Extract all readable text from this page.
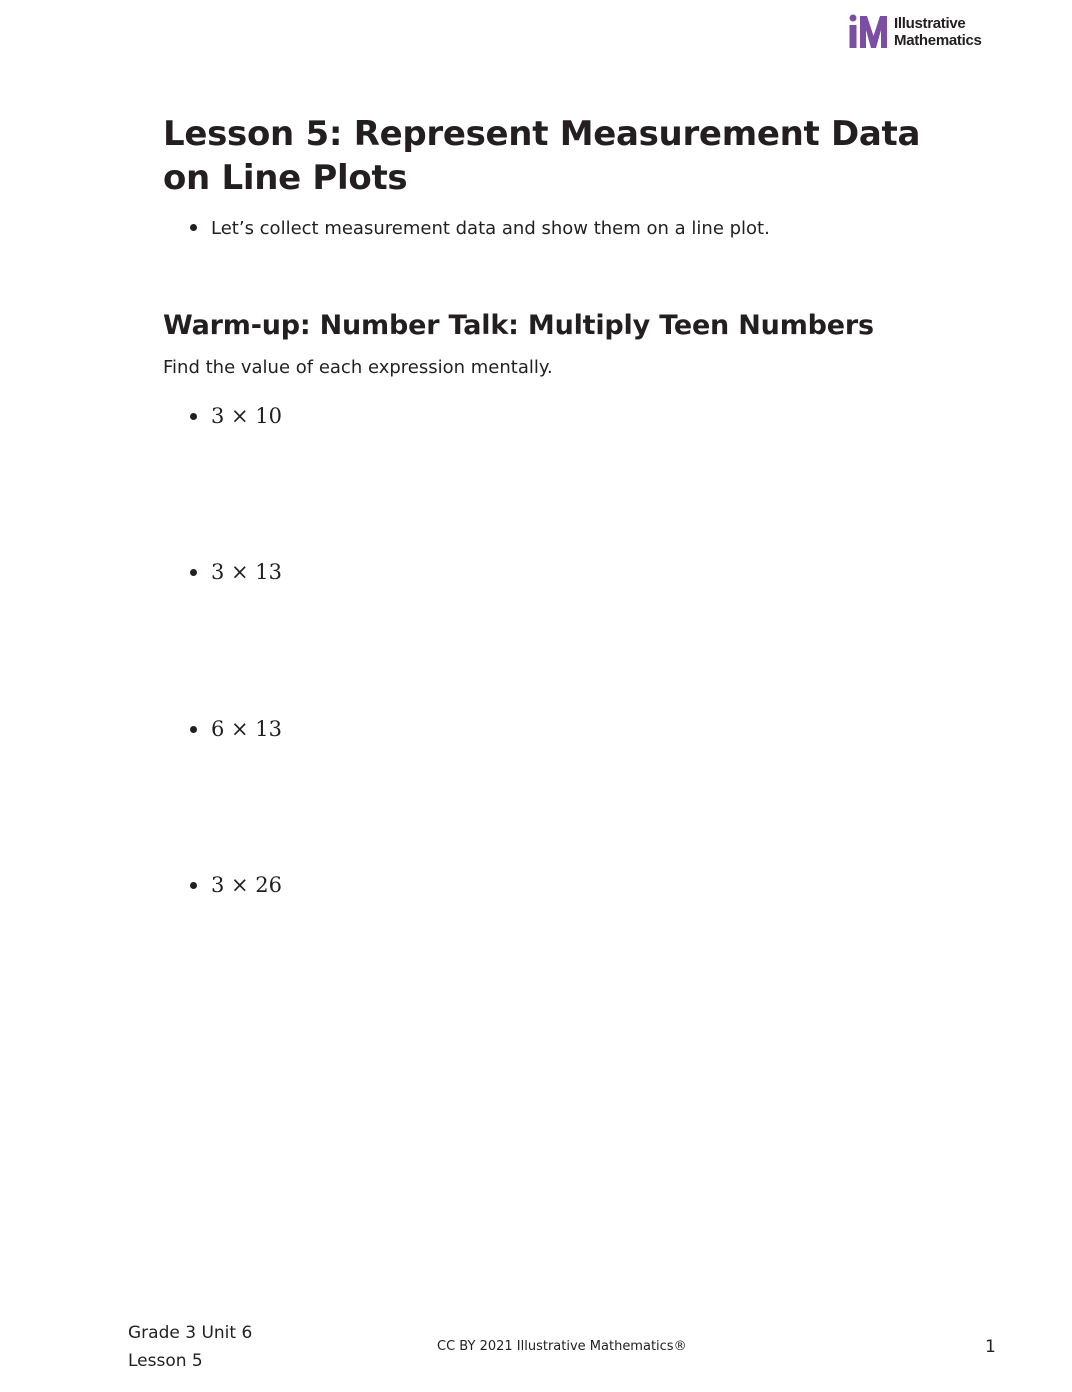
Illustrative
Mathematics
Lesson 5: Represent Measurement Data on Line Plots
Let’s collect measurement data and show them on a line plot.
Warm-up: Number Talk: Multiply Teen Numbers

Find the value of each expression mentally.

3 × 10
3 × 13
6 × 13
3 × 26
Grade 3 Unit 6
Lesson 5
CC BY 2021 Illustrative Mathematics®	1
